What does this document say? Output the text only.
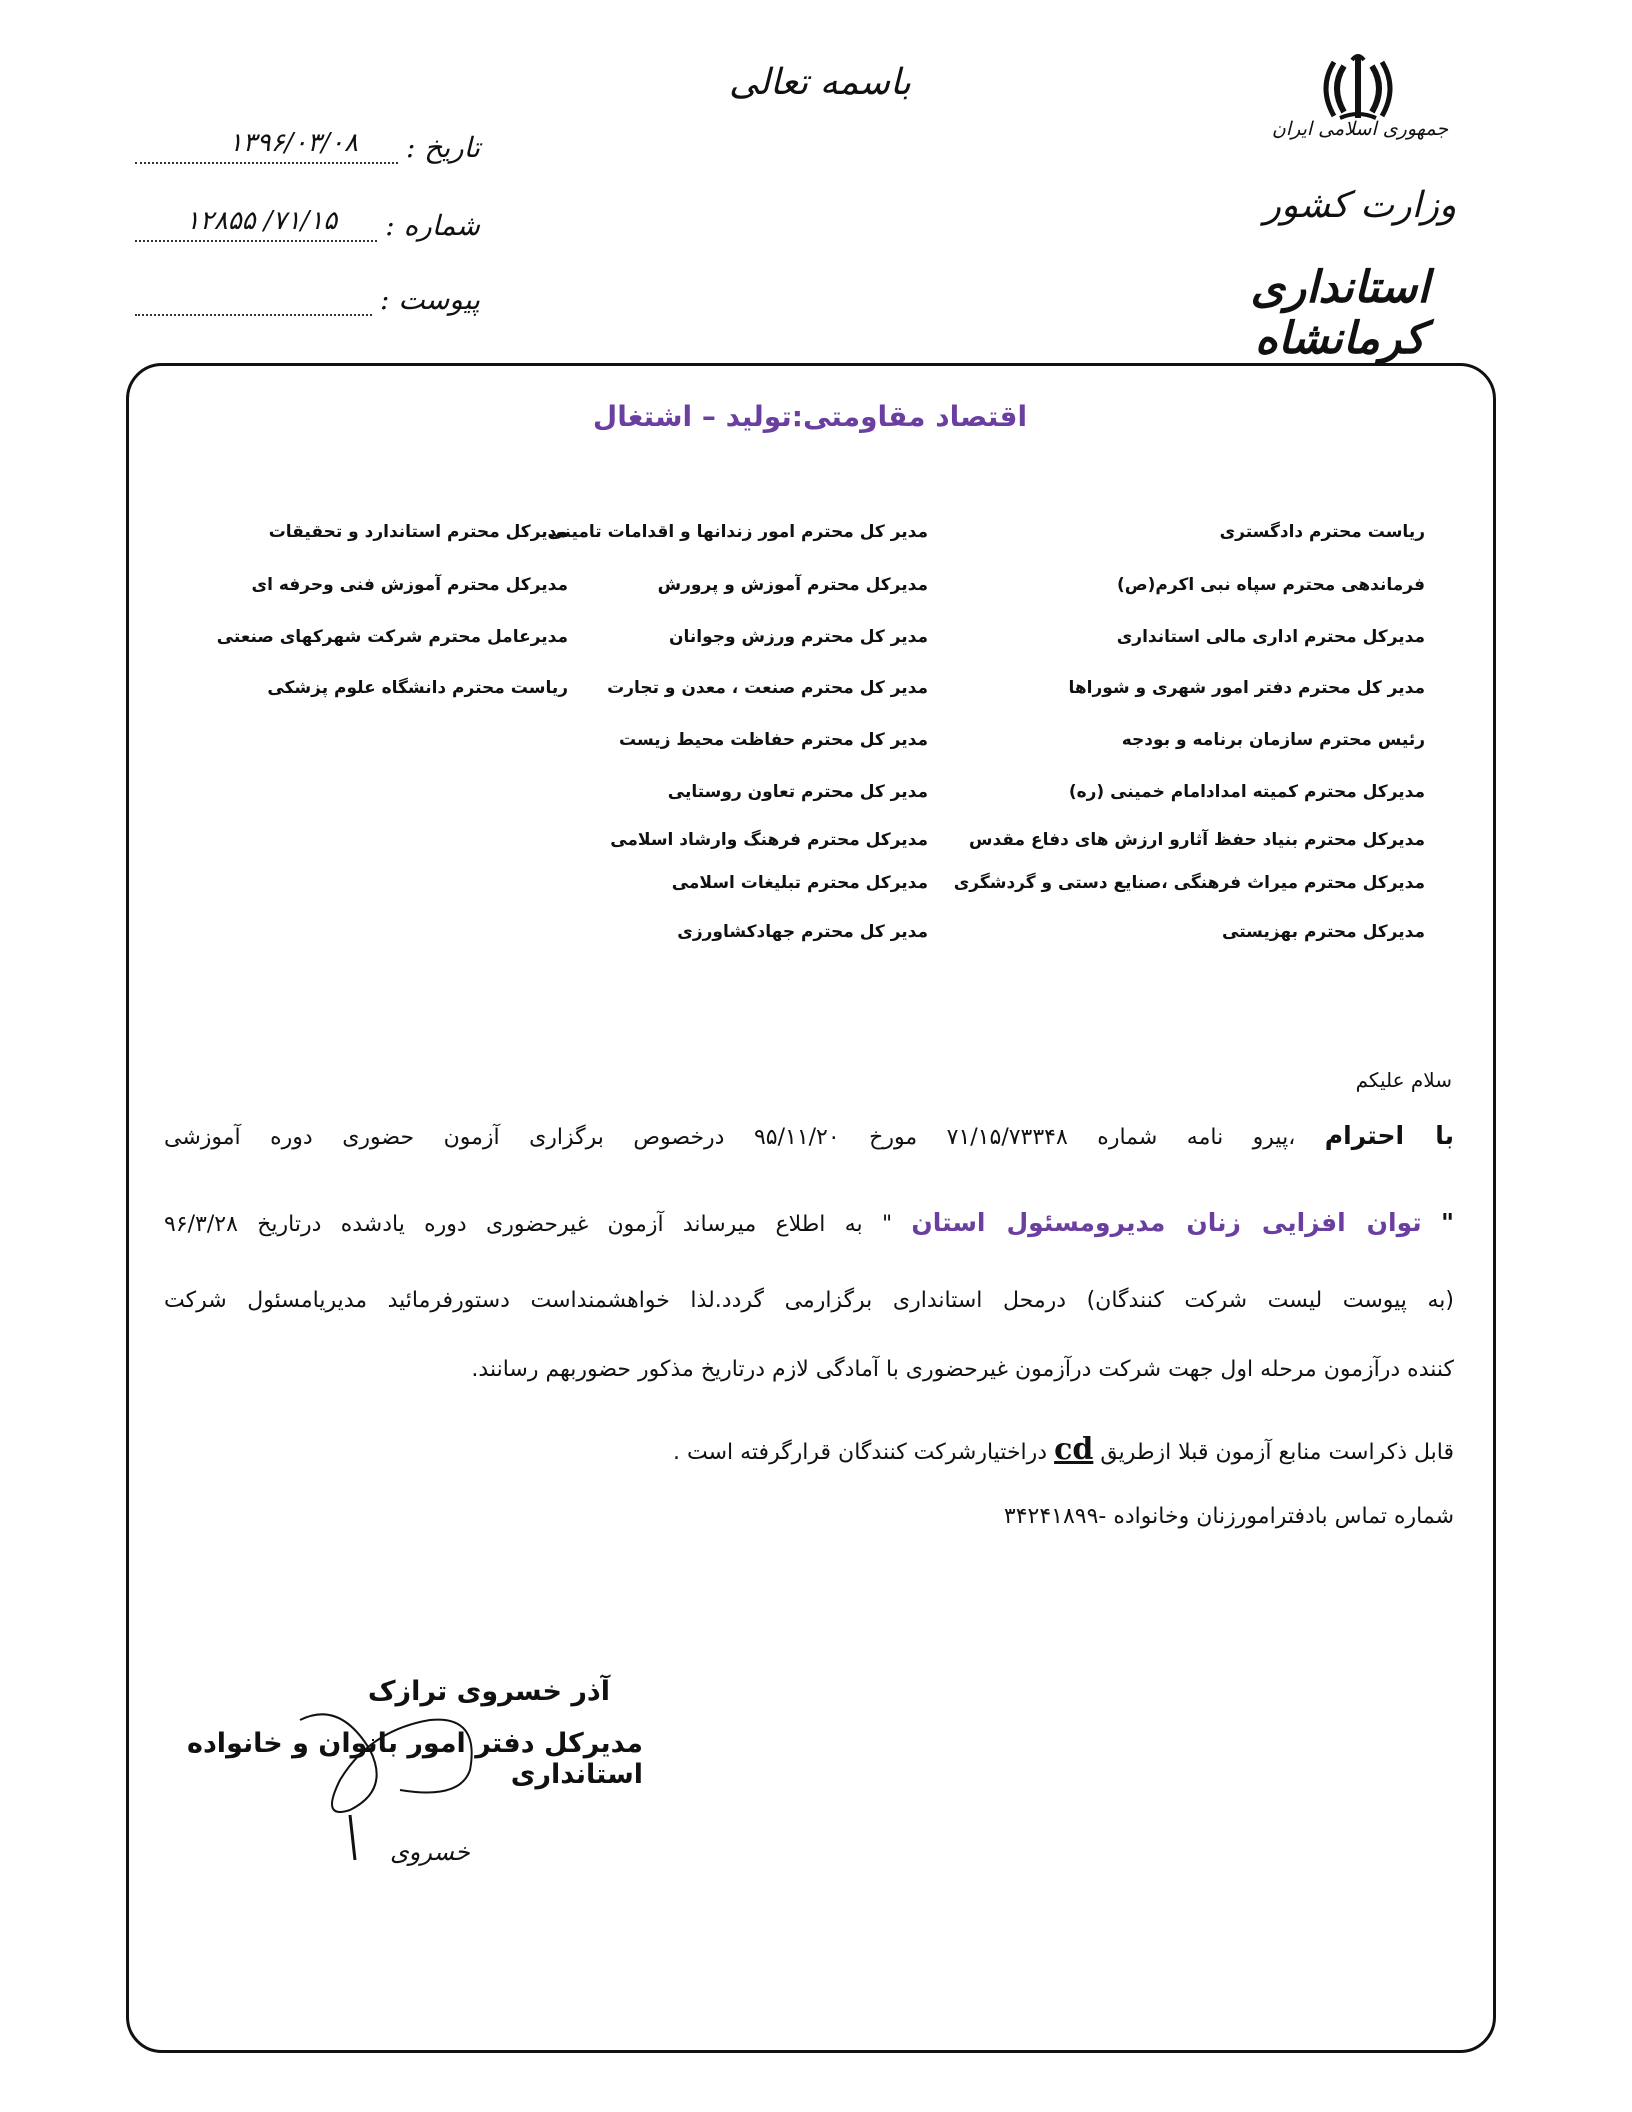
باسمه تعالی
جمهوری اسلامی ایران
وزارت کشور
استانداری کرمانشاه
تاریخ :
۱۳۹۶/۰۳/۰۸
شماره :
۷۱/۱۵/ ۱۲۸۵۵
پیوست :
اقتصاد مقاومتی:تولید – اشتغال
ریاست محترم دادگستری
فرماندهی محترم سپاه نبی اکرم(ص)
مدیرکل محترم اداری مالی استانداری
مدیر کل محترم دفتر امور شهری و شوراها
رئیس محترم سازمان برنامه و بودجه
مدیرکل محترم کمیته امدادامام خمینی (ره)
مدیرکل محترم بنیاد حفظ آثارو ارزش های دفاع مقدس
مدیرکل محترم میراث فرهنگی ،صنایع دستی و گردشگری
مدیرکل محترم بهزیستی
مدیر کل محترم امور زندانها و اقدامات تامینی
مدیرکل محترم آموزش و پرورش
مدیر کل محترم ورزش وجوانان
مدیر کل محترم صنعت ، معدن و تجارت
مدیر کل محترم حفاظت محیط زیست
مدیر کل محترم تعاون روستایی
مدیرکل محترم فرهنگ وارشاد اسلامی
مدیرکل محترم تبلیغات اسلامی
مدیر کل محترم جهادکشاورزی
مدیرکل محترم استاندارد و تحقیقات
مدیرکل محترم آموزش فنی وحرفه ای
مدیرعامل محترم شرکت شهرکهای صنعتی
ریاست محترم دانشگاه علوم پزشکی
سلام علیکم
با احترام ،پیرو نامه شماره ۷۱/۱۵/۷۳۳۴۸ مورخ ۹۵/۱۱/۲۰ درخصوص برگزاری آزمون حضوری دوره آموزشی
" توان افزایی زنان مدیرومسئول استان " به اطلاع میرساند آزمون غیرحضوری دوره یادشده درتاریخ ۹۶/۳/۲۸
(به پیوست لیست شرکت کنندگان) درمحل استانداری برگزارمی گردد.لذا خواهشمنداست دستورفرمائید مدیریامسئول شرکت
کننده درآزمون مرحله اول جهت شرکت درآزمون غیرحضوری با آمادگی لازم درتاریخ مذکور حضوربهم رسانند.
قابل ذکراست منابع آزمون قبلا ازطریق cd دراختیارشرکت کنندگان قرارگرفته است .
شماره تماس بادفترامورزنان وخانواده -۳۴۲۴۱۸۹۹
آذر خسروی ترازک
مدیرکل دفتر امور بانوان و خانواده استانداری
خسروی
